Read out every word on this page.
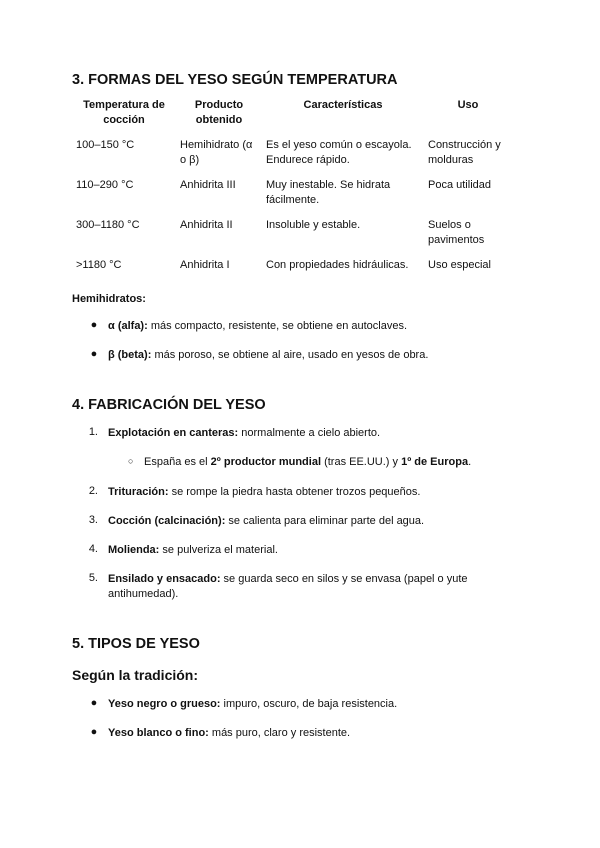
3. FORMAS DEL YESO SEGÚN TEMPERATURA
Temperatura de cocción	Producto obtenido	Características	Uso
100–150 °C	Hemihidrato (α o β)	Es el yeso común o escayola. Endurece rápido.	Construcción y molduras
110–290 °C	Anhidrita III	Muy inestable. Se hidrata fácilmente.	Poca utilidad
300–1180 °C	Anhidrita II	Insoluble y estable.	Suelos o pavimentos
>1180 °C	Anhidrita I	Con propiedades hidráulicas.	Uso especial
Hemihidratos:
● α (alfa): más compacto, resistente, se obtiene en autoclaves.
● β (beta): más poroso, se obtiene al aire, usado en yesos de obra.
4. FABRICACIÓN DEL YESO
1. Explotación en canteras: normalmente a cielo abierto.
○ España es el 2º productor mundial (tras EE.UU.) y 1º de Europa.
2. Trituración: se rompe la piedra hasta obtener trozos pequeños.
3. Cocción (calcinación): se calienta para eliminar parte del agua.
4. Molienda: se pulveriza el material.
5. Ensilado y ensacado: se guarda seco en silos y se envasa (papel o yute
antihumedad).
5. TIPOS DE YESO
Según la tradición:
● Yeso negro o grueso: impuro, oscuro, de baja resistencia.
● Yeso blanco o fino: más puro, claro y resistente.
